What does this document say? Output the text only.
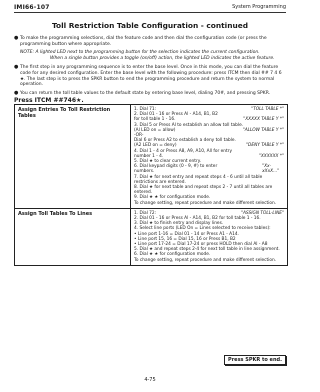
IMI66-107	System Programming
Toll Restriction Table Configuration - continued
● To make the programming selections, dial the feature code and then dial the configuration code (or press the programming button where appropriate.
NOTE: A lighted LED next to the programming button for the selection indicates the current configuration.
When a single button provides a toggle (on/off) action, the lighted LED indicates the active feature.
● The first step in any programming sequence is to enter the base level. Once in this mode, you can dial the feature code for any desired configuration. Enter the base level with the following procedure: press ITCM then dial ## 7 4 6 ★. The last step is to press the SPKR button to end the programming procedure and return the system to normal operation.
● You can return the toll table values to the default state by entering base level, dialing 70#, and pressing SPKR.
Press ITCM ##746★.
Assign Entries To Toll Restriction Tables
1. Dial 71:	"TOLL TABLE *"
2. Dial 01 - 16 or Press Al - A14, B1, B2
for toll table 1 - 16.	"XXXXX TABLE Y *"
3. Dial 5 or Press Al to establish an allow toll table.
(Al LED on = allow)	"ALLOW TABLE Y *"
-OR-
Dial 6 or Press A2 to establish a deny toll table.
(A2 LED on = deny)	"DENY TABLE Y *"
4. Dial 1 - 4 or Press A8, A9, A10, All for entry
number 1 - 4.	"XXXXXX *"
5. Dial ★ to clear current entry.
6. Dial keypad digits (0 - 9, #) to enter numbers.
"Xx-xXxX..."
7. Dial ★ for next entry and repeat steps 4 - 6 until all table restrictions are entered.
8. Dial ★ for next table and repeat steps 2 - 7 until all tables are entered.
9. Dial ★ ★ for configuration mode.
To change setting, repeat procedure and make different selection.
Assign Toll Tables To Lines	1. Dial 72:	"ASSIGN TOLL-LINE"
2. Dial 01 - 16 or Press Al - A14, B1, B2 for toll table 1 - 16.
3. Dial ★ to finish entry and display lines.
4. Select line ports (LED On = Lines selected to receive tables):
• Line port 1-16 = Dial 01 - 14 or Press A1 - A14.
• Line port 15, 16 = Dial 15, 16 or Press B1, B2
• Line port 17-24 = Dial 17-24 or press HOLD then dial Al - A8
5. Dial ★ and repeat steps 2-4 for next toll table in line assignment.
6. Dial ★ ★ for configuration mode.
To change setting, repeat procedure and make different selection.
Press SPKR to end.
4-75
